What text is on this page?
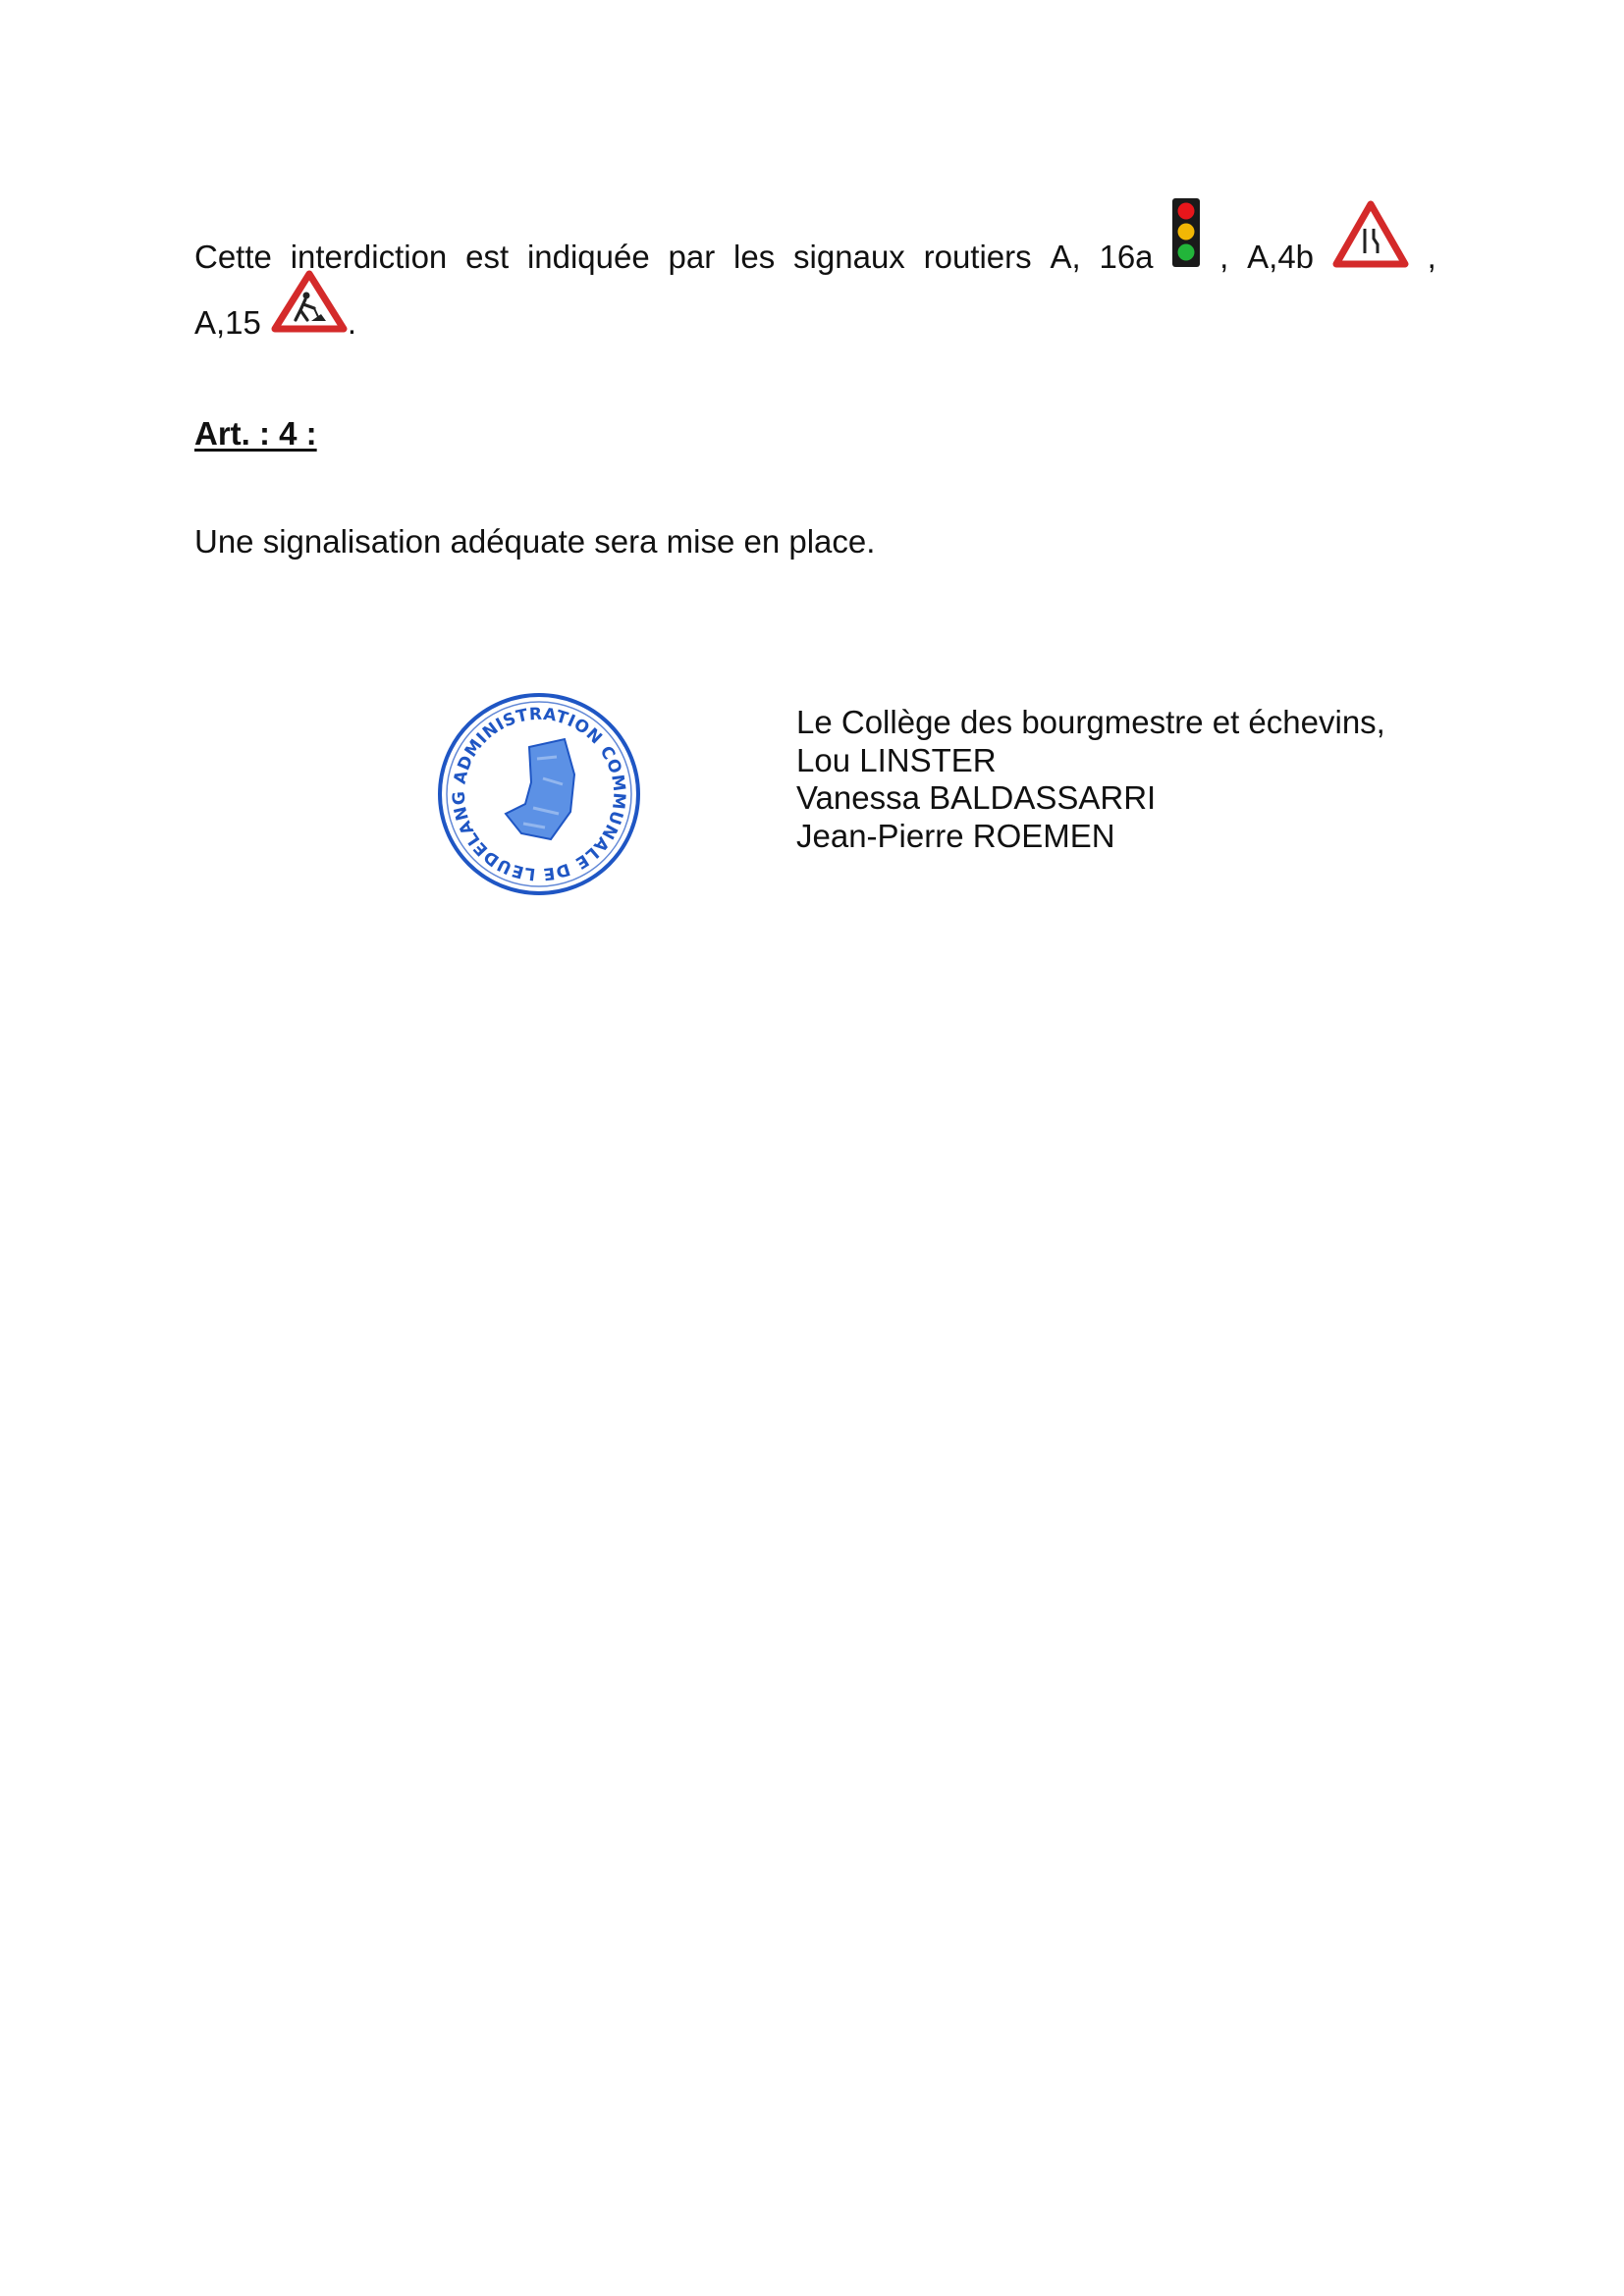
Cette interdiction est indiquée par les signaux routiers A, 16a , A,4b	,
A,15	.
Art. : 4 :
Une signalisation adéquate sera mise en place.
ADMINISTRATION COMMUNALE DE LEUDELANG
Le Collège des bourgmestre et échevins,
Lou LINSTER
Vanessa BALDASSARRI
Jean-Pierre ROEMEN
